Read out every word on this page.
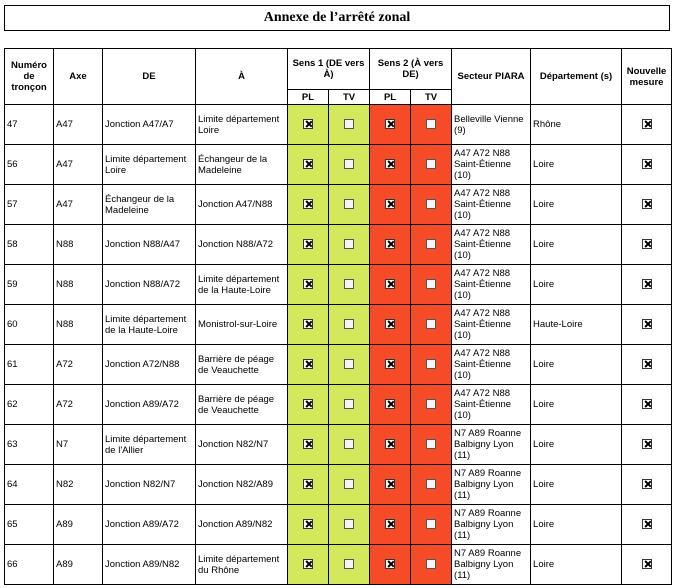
Annexe de l’arrêté zonal
Numéro de tronçon	Axe	DE	À	Sens 1 (DE vers À)		Sens 2 (À vers DE)		Secteur PIARA	Département (s)	Nouvelle mesure
				PL	TV	PL	TV			
47	A47	Jonction A47/A7	Limite département Loire					Belleville Vienne (9)	Rhône	
56	A47	Limite département Loire	Échangeur de la Madeleine					A47 A72 N88 Saint-Étienne (10)	Loire	
57	A47	Échangeur de la Madeleine	Jonction A47/N88					A47 A72 N88 Saint-Étienne (10)	Loire	
58	N88	Jonction N88/A47	Jonction N88/A72					A47 A72 N88 Saint-Étienne (10)	Loire	
59	N88	Jonction N88/A72	Limite département de la Haute-Loire					A47 A72 N88 Saint-Étienne (10)	Loire	
60	N88	Limite département de la Haute-Loire	Monistrol-sur-Loire					A47 A72 N88 Saint-Étienne (10)	Haute-Loire	
61	A72	Jonction A72/N88	Barrière de péage de Veauchette					A47 A72 N88 Saint-Étienne (10)	Loire	
62	A72	Jonction A89/A72	Barrière de péage de Veauchette					A47 A72 N88 Saint-Étienne (10)	Loire	
63	N7	Limite département de l'Allier	Jonction N82/N7					N7 A89 Roanne Balbigny Lyon (11)	Loire	
64	N82	Jonction N82/N7	Jonction N82/A89					N7 A89 Roanne Balbigny Lyon (11)	Loire	
65	A89	Jonction A89/A72	Jonction A89/N82					N7 A89 Roanne Balbigny Lyon (11)	Loire	
66	A89	Jonction A89/N82	Limite département du Rhône					N7 A89 Roanne Balbigny Lyon (11)	Loire	
